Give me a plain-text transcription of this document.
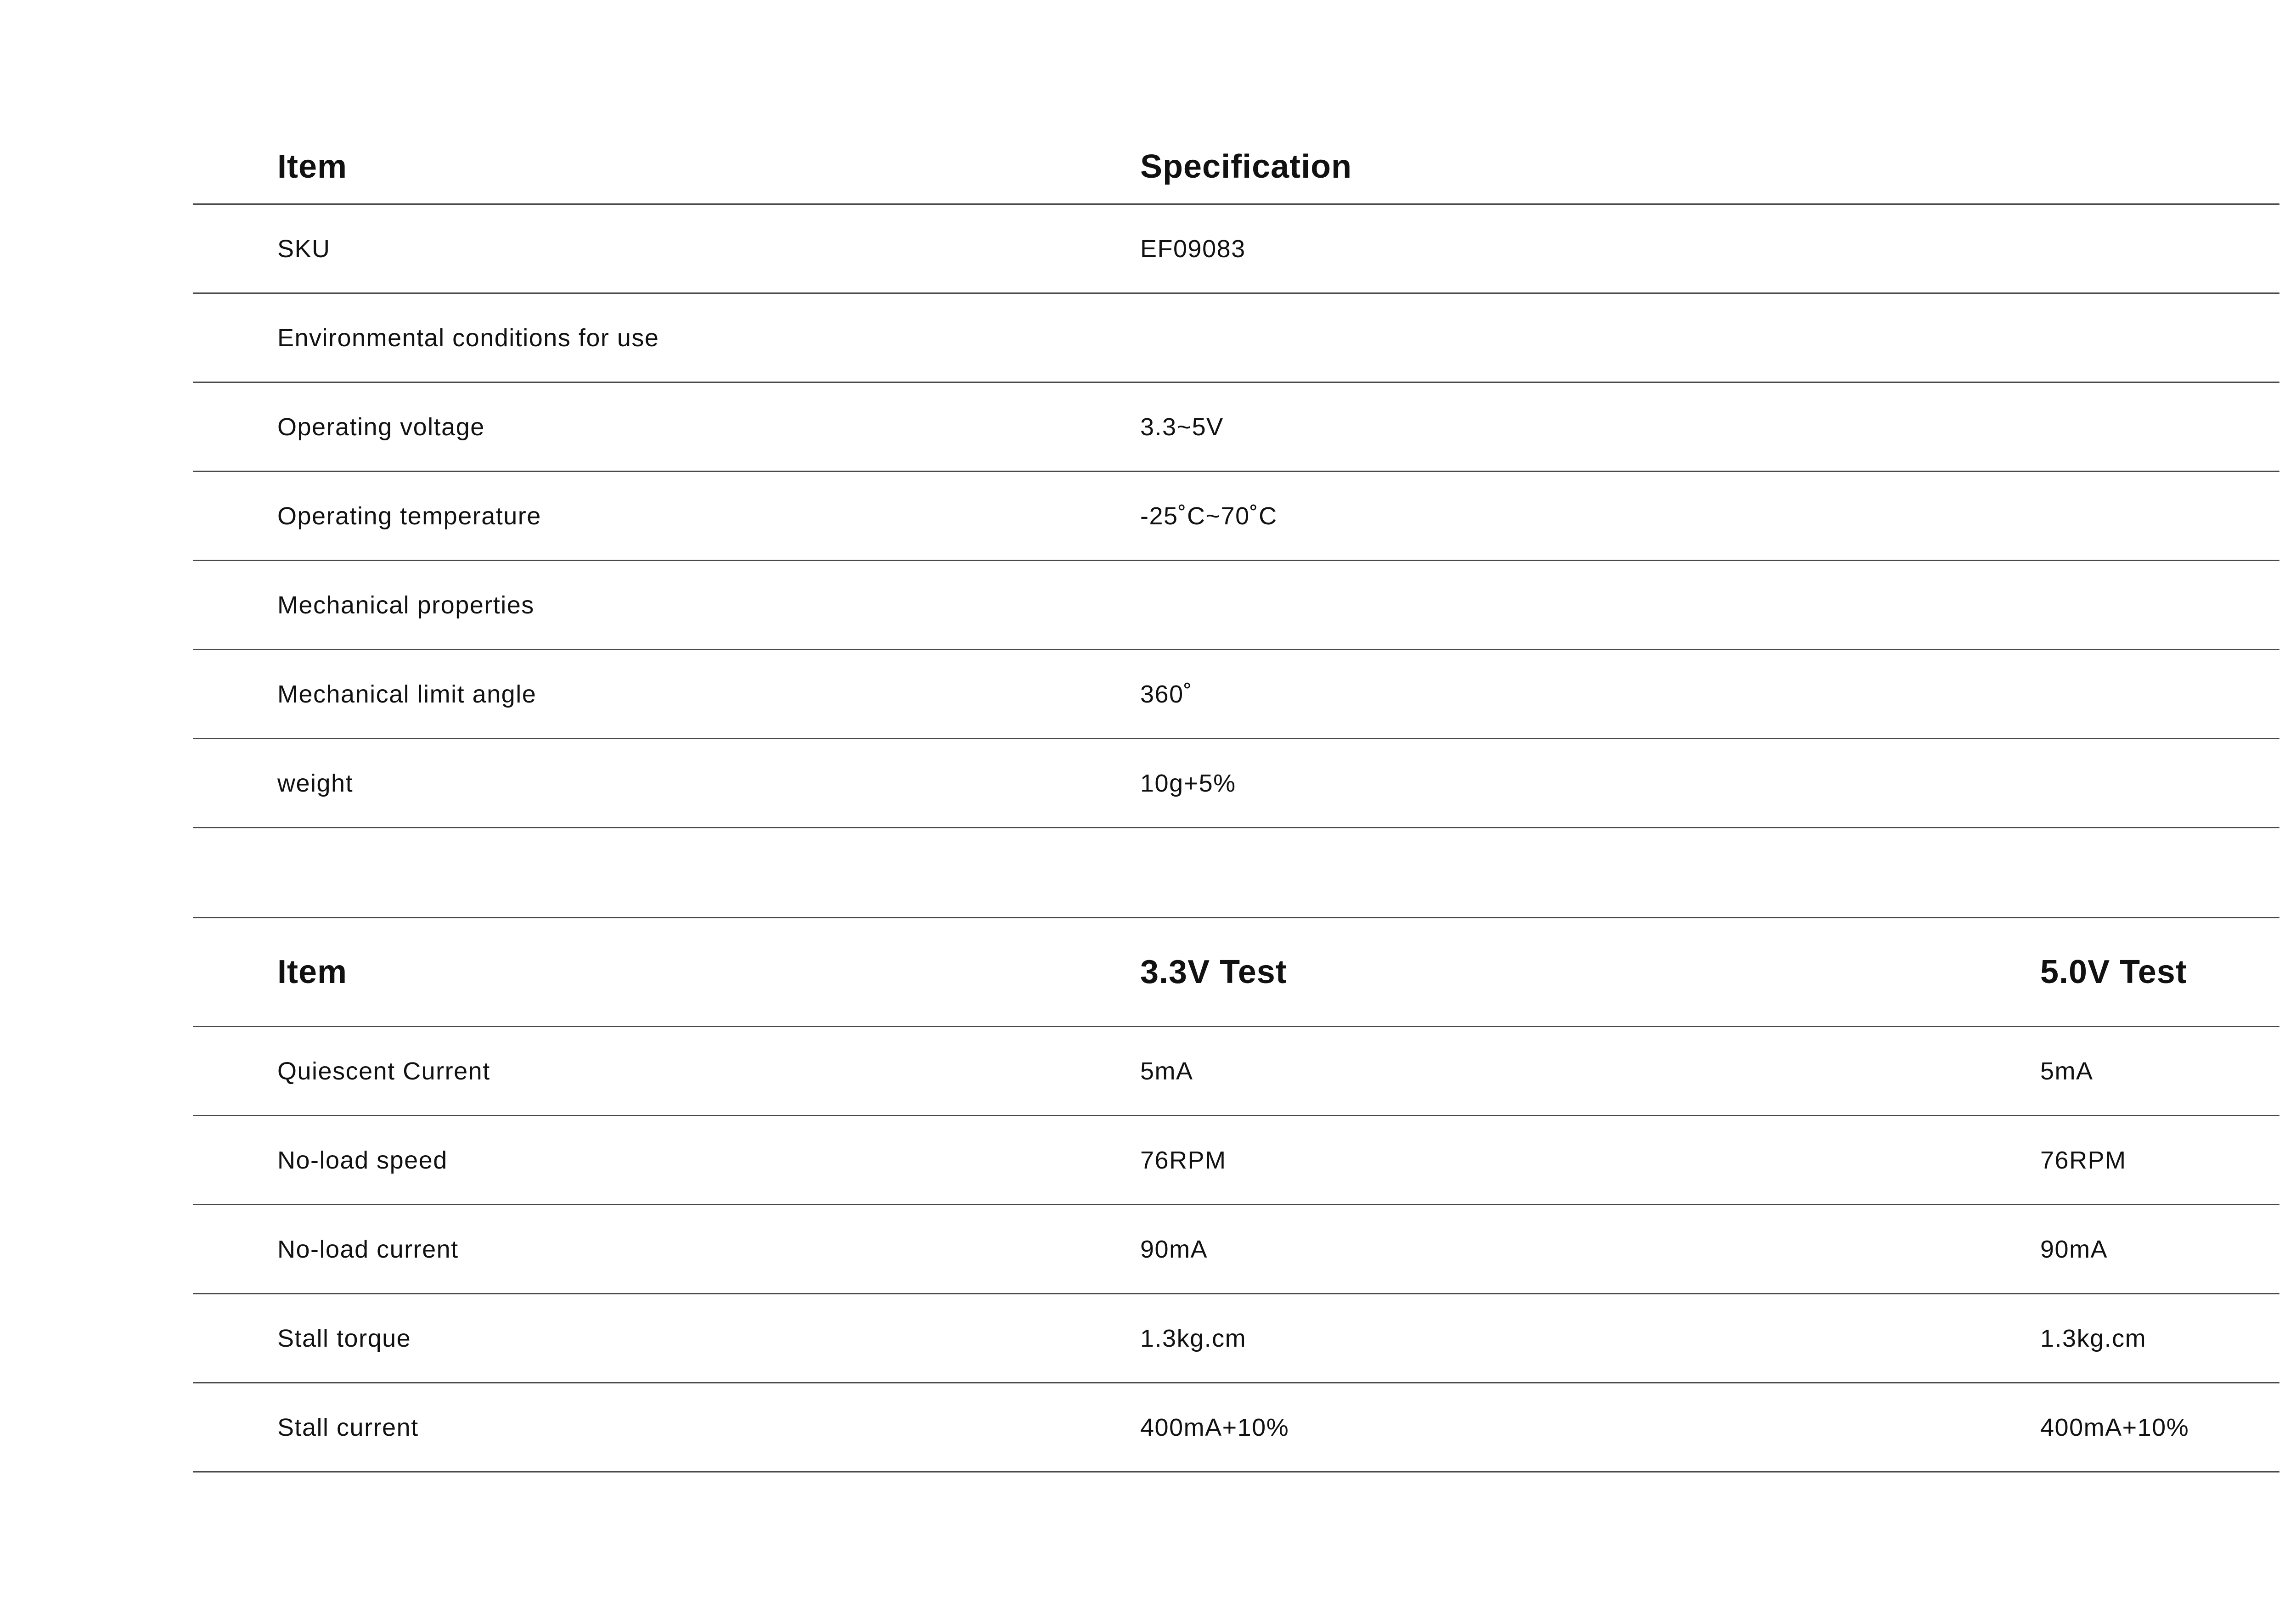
Item	Specification
SKU	EF09083
Environmental conditions for use
Operating voltage	3.3~5V
Operating temperature	-25˚C~70˚C
Mechanical properties
Mechanical limit angle	360˚
weight	10g+5%
Item	3.3V Test	5.0V Test
Quiescent Current	5mA	5mA
No-load speed	76RPM	76RPM
No-load current	90mA	90mA
Stall torque	1.3kg.cm	1.3kg.cm
Stall current	400mA+10%	400mA+10%
